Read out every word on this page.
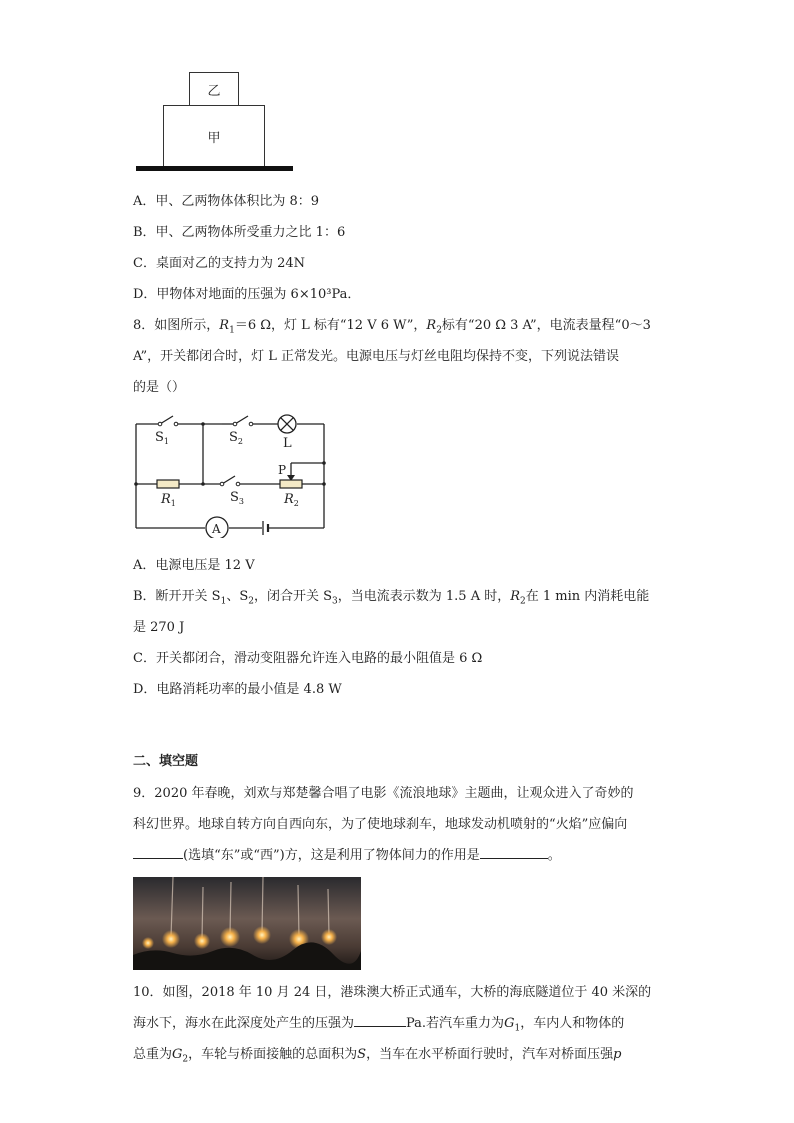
乙
甲
A．甲、乙两物体体积比为 8：9
B．甲、乙两物体所受重力之比 1：6
C．桌面对乙的支持力为 24N
D．甲物体对地面的压强为 6×10³Pa．
8．如图所示，$R_1=6$ Ω，灯 L 标有“12 V 6 W”，$R_2$标有“20 Ω 3 A”，电流表量程“0～3
A”，开关都闭合时，灯 L 正常发光。电源电压与灯丝电阻均保持不变，下列说法错误
的是（）
$S_1$	$S_2$	L
P
$S_3$
$R_1$	$R_2$
A
A．电源电压是 12 V
B．断开开关 $S_1$、$S_2$，闭合开关 $S_3$，当电流表示数为 1.5 A 时，$R_2$在 1 min 内消耗电能
是 270 J
C．开关都闭合，滑动变阻器允许连入电路的最小阻值是 6 Ω
D．电路消耗功率的最小值是 4.8 W
二、填空题
9．2020 年春晚，刘欢与郑楚馨合唱了电影《流浪地球》主题曲，让观众进入了奇妙的
科幻世界。地球自转方向自西向东，为了使地球刹车，地球发动机喷射的“火焰”应偏向
(选填“东”或“西”)方，这是利用了物体间力的作用是	。
10．如图，2018 年 10 月 24 日，港珠澳大桥正式通车，大桥的海底隧道位于 40 米深的
海水下，海水在此深度处产生的压强为	Pa.若汽车重力为$G_1$，车内人和物体的
总重为$G_2$，车轮与桥面接触的总面积为S，当车在水平桥面行驶时，汽车对桥面压强p
